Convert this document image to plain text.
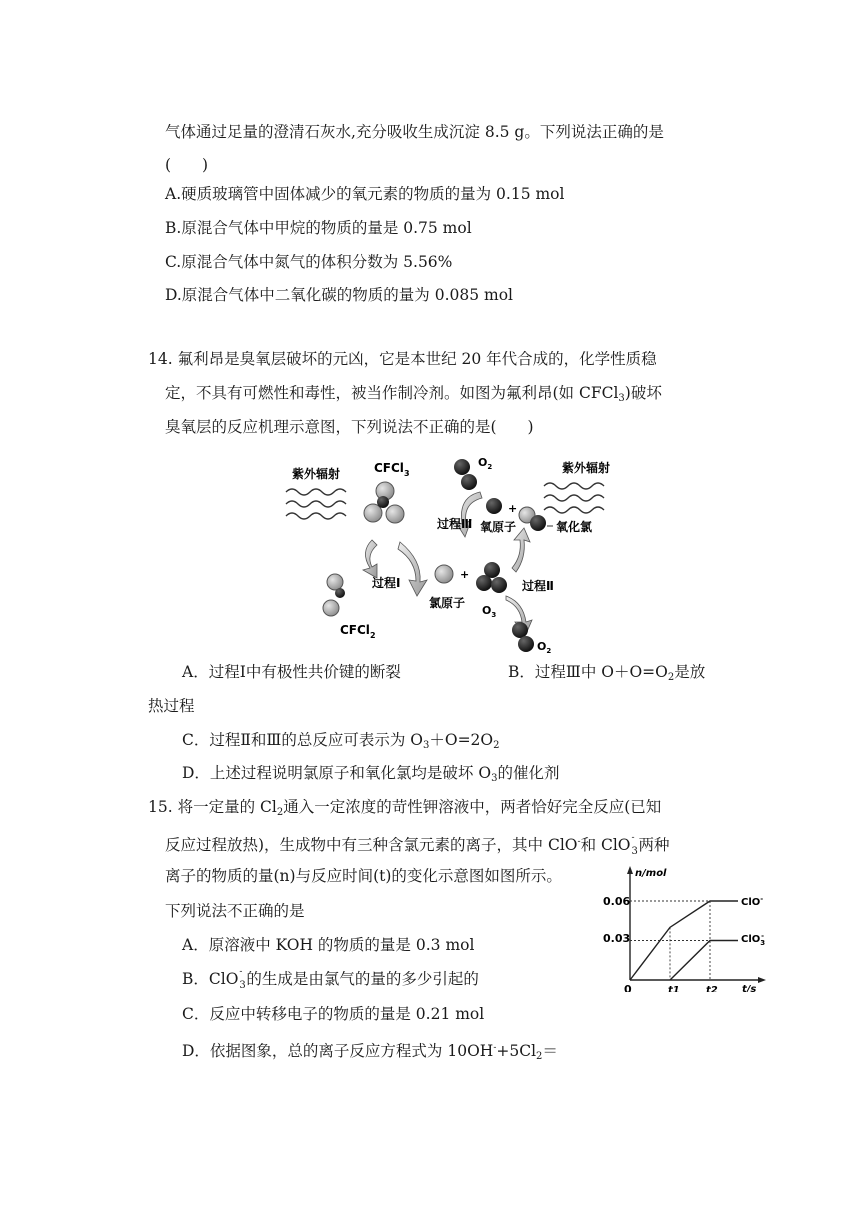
气体通过足量的澄清石灰水,充分吸收生成沉淀 8.5 g。下列说法正确的是
(　　)
A.硬质玻璃管中固体减少的氧元素的物质的量为 0.15 mol
B.原混合气体中甲烷的物质的量是 0.75 mol
C.原混合气体中氮气的体积分数为 5.56%
D.原混合气体中二氧化碳的物质的量为 0.085 mol
14. 氟利昂是臭氧层破坏的元凶，它是本世纪 20 年代合成的，化学性质稳
定，不具有可燃性和毒性，被当作制冷剂。如图为氟利昂(如 CFCl$_3$)破坏
臭氧层的反应机理示意图，下列说法不正确的是(　　)
紫外辐射	CFCl$_3$
$O_2$
过程Ⅲ
+
氧原子
紫外辐射
氧化氯
过程Ⅰ
CFCl$_2$
+
氯原子
$O_3$
过程Ⅱ
$O_2$
A．过程Ⅰ中有极性共价键的断裂	B．过程Ⅲ中 $O+O=O_2$是放
热过程
C．过程Ⅱ和Ⅲ的总反应可表示为 $O_3+O=2O_2$
D．上述过程说明氯原子和氧化氯均是破坏 $O_3$的催化剂
15. 将一定量的 $Cl_2$通入一定浓度的苛性钾溶液中，两者恰好完全反应(已知
反应过程放热)，生成物中有三种含氯元素的离子，其中 ClO-和 ClO -
3 两种
离子的物质的量(n)与反应时间(t)的变化示意图如图所示。
下列说法不正确的是
A．原溶液中 KOH 的物质的量是 0.3 mol
B．ClO -
3 的生成是由氯气的量的多少引起的
C．反应中转移电子的物质的量是 0.21 mol
D．依据图象，总的离子反应方程式为 $10OH^-+5Cl_2=$
n/mol
t/s
0.06
0.03
0	t1	t2
ClO-
ClO$_3$-
